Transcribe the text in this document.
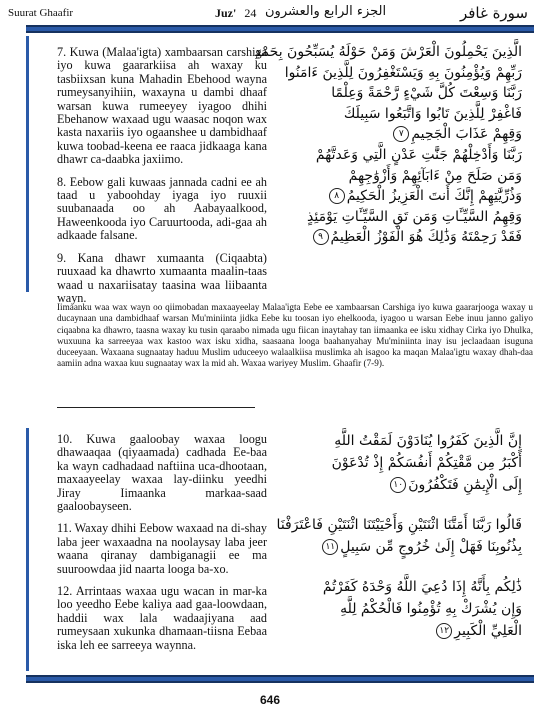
Suurat Ghaafir	Juz' 24 الجزء الرابع والعشرون	سورة غافر

7. Kuwa (Malaa'igta) xambaarsan carshiga iyo kuwa gaararkiisa ah waxay ku tasbiixsan kuna Mahadin Ebehood wayna rumeysanyihiin, waxayna u dambi dhaaf warsan kuwa rumeeyey iyagoo dhihi Ebehanow waxaad ugu waasac noqon wax kasta naxariis iyo ogaanshee u dambidhaaf kuwa toobad-keena ee raaca jidkaaga kana dhawr ca-daabka jaxiimo.

8. Eebow gali kuwaas jannada cadni ee ah taad u yaboohday iyaga iyo ruuxii suubanaada oo ah Aabayaalkood, Haweenkooda iyo Caruurtooda, adi-gaa ah adkaade falsane.

9. Kana dhawr xumaanta (Ciqaabta) ruuxaad ka dhawrto xumaanta maalin-taas waad u naxariisatay taasina waa liibaanta wayn.

الَّذِينَ يَحْمِلُونَ الْعَرْشَ وَمَنْ حَوْلَهُ يُسَبِّحُونَ بِحَمْدِ
رَبِّهِمْ وَيُؤْمِنُونَ بِهِ وَيَسْتَغْفِرُونَ لِلَّذِينَ ءَامَنُوا
رَبَّنَا وَسِعْتَ كُلَّ شَيْءٍ رَّحْمَةً وَعِلْمًا
فَاغْفِرْ لِلَّذِينَ تَابُوا وَاتَّبَعُوا سَبِيلَكَ
وَقِهِمْ عَذَابَ الْجَحِيمِ٧
رَبَّنَا وَأَدْخِلْهُمْ جَنَّٰتِ عَدْنٍ الَّتِي وَعَدتَّهُمْ
وَمَن صَلَحَ مِنْ ءَابَآئِهِمْ وَأَزْوَٰجِهِمْ
وَذُرِّيَّٰتِهِمْ إِنَّكَ أَنتَ الْعَزِيزُ الْحَكِيمُ٨
وَقِهِمُ السَّيِّـَٔاتِ وَمَن تَقِ السَّيِّـَٔاتِ يَوْمَئِذٍ
فَقَدْ رَحِمْتَهُ وَذَٰلِكَ هُوَ الْفَوْزُ الْعَظِيمُ٩
Iimaanku waa wax wayn oo qiimobadan maxaayeelay Malaa'igta Eebe ee xambaarsan Carshiga iyo kuwa gaararjooga waxay u ducaynaan una dambidhaaf warsan Mu'miniinta jidka Eebe ku toosan iyo ehelkooda, iyagoo u warsan Eebe inuu janno galiyo ciqaabna ka dhawro, taasna waxay ku tusin qaraabo nimada ugu fiican inaytahay tan iimaanka ee isku xidhay Cirka iyo Dhulka, wuxuuna ka sarreeyaa wax kastoo wax isku xidha, saasaana looga baahanyahay Mu'miniinta inay isu jeclaadaan isuguna duceeyaan. Waxaana sugnaatay haduu Muslim uduceeyo walaalkiisa muslimka ah isagoo ka maqan Malaa'igtu waxay dhah-daa aamiin adna waxaa kuu sugnaatay wax la mid ah. Waxaa wariyey Muslim. Ghaafir (7-9).

10. Kuwa gaaloobay waxaa loogu dhawaaqaa (qiyaamada) cadhada Ee-baa ka wayn cadhadaad naftiina uca-dhootaan, maxaayeelay waxaa lay-diinku yeedhi Jiray Iimaanka markaa-saad gaaloobayseen.

11. Waxay dhihi Eebow waxaad na di-shay laba jeer waxaadna na noolaysay laba jeer waana qiranay dambiganagii ee ma suuroowdaa jid naarta looga ba-xo.

12. Arrintaas waxaa ugu wacan in mar-ka loo yeedho Eebe kaliya aad gaa-loowdaan, haddii wax lala wadaajiyana aad rumeysaan xukunka dhamaan-tiisna Eebaa iska leh ee sarreeya waynna.

إِنَّ الَّذِينَ كَفَرُوا يُنَادَوْنَ لَمَقْتُ اللَّهِ
أَكْبَرُ مِن مَّقْتِكُمْ أَنفُسَكُمْ إِذْ تُدْعَوْنَ
إِلَى الْإِيمَٰنِ فَتَكْفُرُونَ١٠
قَالُوا رَبَّنَا أَمَتَّنَا اثْنَتَيْنِ وَأَحْيَيْتَنَا اثْنَتَيْنِ فَاعْتَرَفْنَا
بِذُنُوبِنَا فَهَلْ إِلَىٰ خُرُوجٍ مِّن سَبِيلٍ١١
ذَٰلِكُم بِأَنَّهُ إِذَا دُعِيَ اللَّهُ وَحْدَهُ كَفَرْتُمْ
وَإِن يُشْرَكْ بِهِ تُؤْمِنُوا فَالْحُكْمُ لِلَّهِ
الْعَلِيِّ الْكَبِيرِ١٢
646
